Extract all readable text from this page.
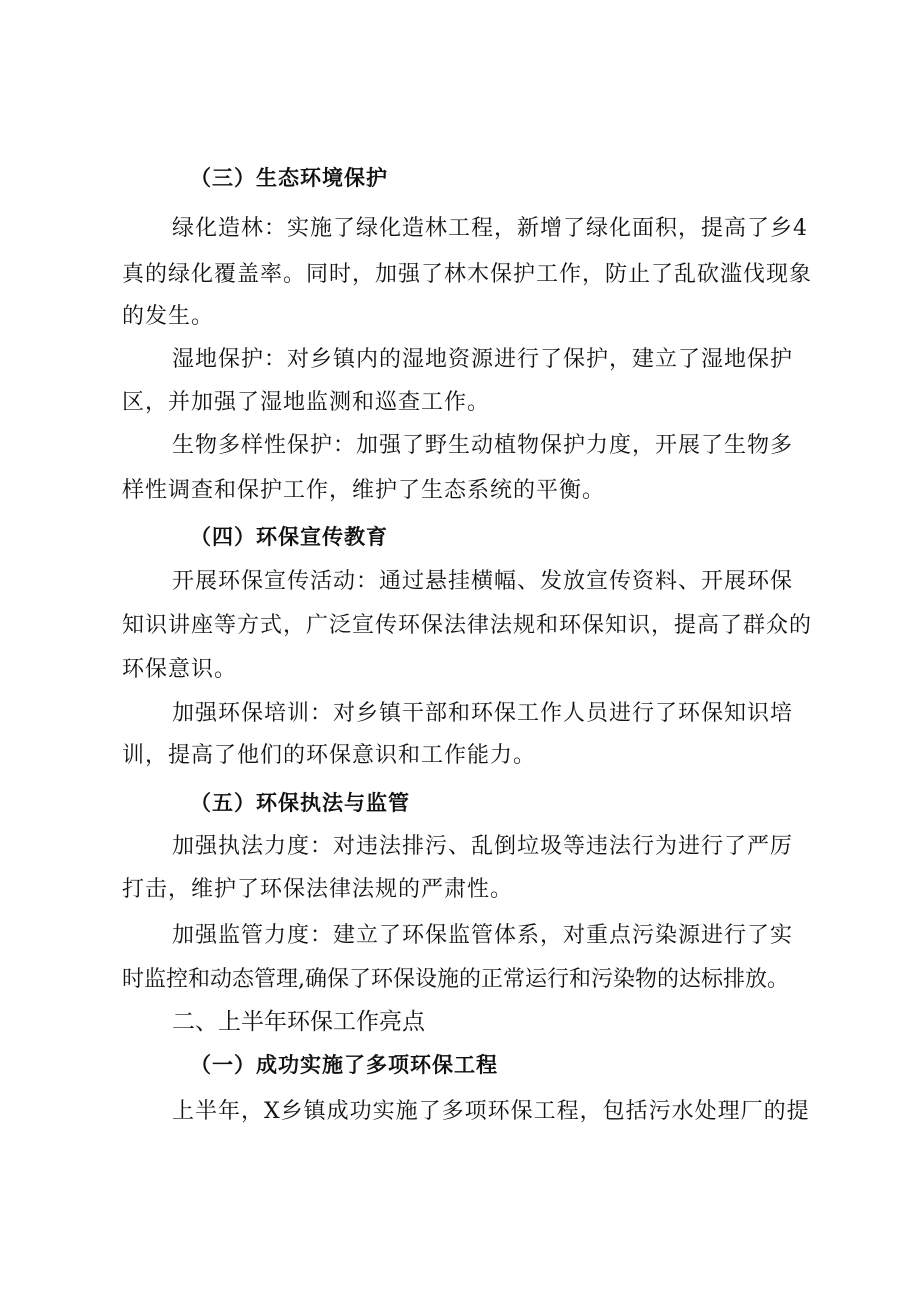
（三）生态环境保护
绿化造林：实施了绿化造林工程，新增了绿化面积，提高了乡4
真的绿化覆盖率。同时，加强了林木保护工作，防止了乱砍滥伐现象
的发生。
湿地保护：对乡镇内的湿地资源进行了保护，建立了湿地保护
区，并加强了湿地监测和巡查工作。
生物多样性保护：加强了野生动植物保护力度，开展了生物多
样性调查和保护工作，维护了生态系统的平衡。
（四）环保宣传教育
开展环保宣传活动：通过悬挂横幅、发放宣传资料、开展环保
知识讲座等方式，广泛宣传环保法律法规和环保知识，提高了群众的
环保意识。
加强环保培训：对乡镇干部和环保工作人员进行了环保知识培
训，提高了他们的环保意识和工作能力。
（五）环保执法与监管
加强执法力度：对违法排污、乱倒垃圾等违法行为进行了严厉
打击，维护了环保法律法规的严肃性。
加强监管力度：建立了环保监管体系，对重点污染源进行了实
时监控和动态管理,确保了环保设施的正常运行和污染物的达标排放。
二、上半年环保工作亮点
（一）成功实施了多项环保工程
上半年，X乡镇成功实施了多项环保工程，包括污水处理厂的提
